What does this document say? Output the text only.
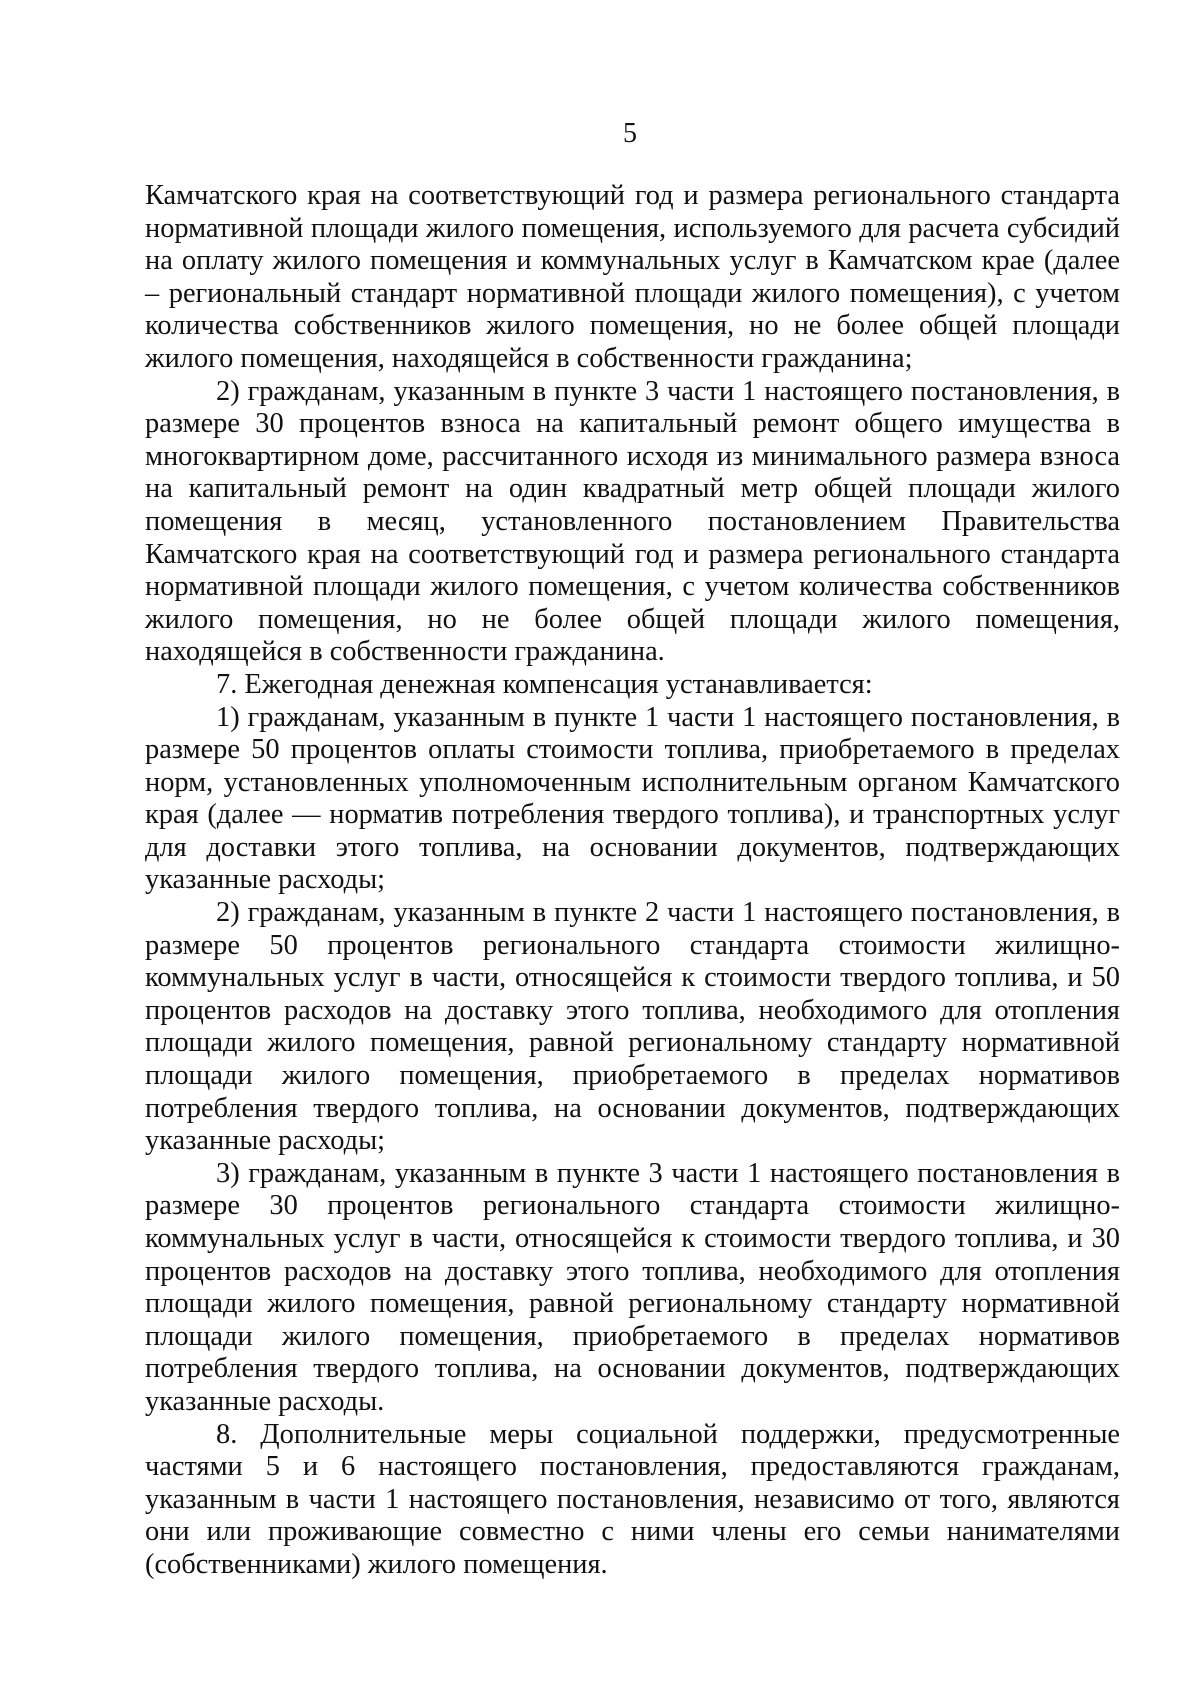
5

Камчатского края на соответствующий год и размера регионального стандарта нормативной площади жилого помещения, используемого для расчета субсидий на оплату жилого помещения и коммунальных услуг в Камчатском крае (далее – региональный стандарт нормативной площади жилого помещения), с учетом количества собственников жилого помещения, но не более общей площади жилого помещения, находящейся в собственности гражданина;

2) гражданам, указанным в пункте 3 части 1 настоящего постановления, в размере 30 процентов взноса на капитальный ремонт общего имущества в многоквартирном доме, рассчитанного исходя из минимального размера взноса на капитальный ремонт на один квадратный метр общей площади жилого помещения в месяц, установленного постановлением Правительства Камчатского края на соответствующий год и размера регионального стандарта нормативной площади жилого помещения, с учетом количества собственников жилого помещения, но не более общей площади жилого помещения, находящейся в собственности гражданина.

7. Ежегодная денежная компенсация устанавливается:

1) гражданам, указанным в пункте 1 части 1 настоящего постановления, в размере 50 процентов оплаты стоимости топлива, приобретаемого в пределах норм, установленных уполномоченным исполнительным органом Камчатского края (далее — норматив потребления твердого топлива), и транспортных услуг для доставки этого топлива, на основании документов, подтверждающих указанные расходы;

2) гражданам, указанным в пункте 2 части 1 настоящего постановления, в размере 50 процентов регионального стандарта стоимости жилищно-коммунальных услуг в части, относящейся к стоимости твердого топлива, и 50 процентов расходов на доставку этого топлива, необходимого для отопления площади жилого помещения, равной региональному стандарту нормативной площади жилого помещения, приобретаемого в пределах нормативов потребления твердого топлива, на основании документов, подтверждающих указанные расходы;

3) гражданам, указанным в пункте 3 части 1 настоящего постановления в размере 30 процентов регионального стандарта стоимости жилищно-коммунальных услуг в части, относящейся к стоимости твердого топлива, и 30 процентов расходов на доставку этого топлива, необходимого для отопления площади жилого помещения, равной региональному стандарту нормативной площади жилого помещения, приобретаемого в пределах нормативов потребления твердого топлива, на основании документов, подтверждающих указанные расходы.

8. Дополнительные меры социальной поддержки, предусмотренные частями 5 и 6 настоящего постановления, предоставляются гражданам, указанным в части 1 настоящего постановления, независимо от того, являются они или проживающие совместно с ними члены его семьи нанимателями (собственниками) жилого помещения.
